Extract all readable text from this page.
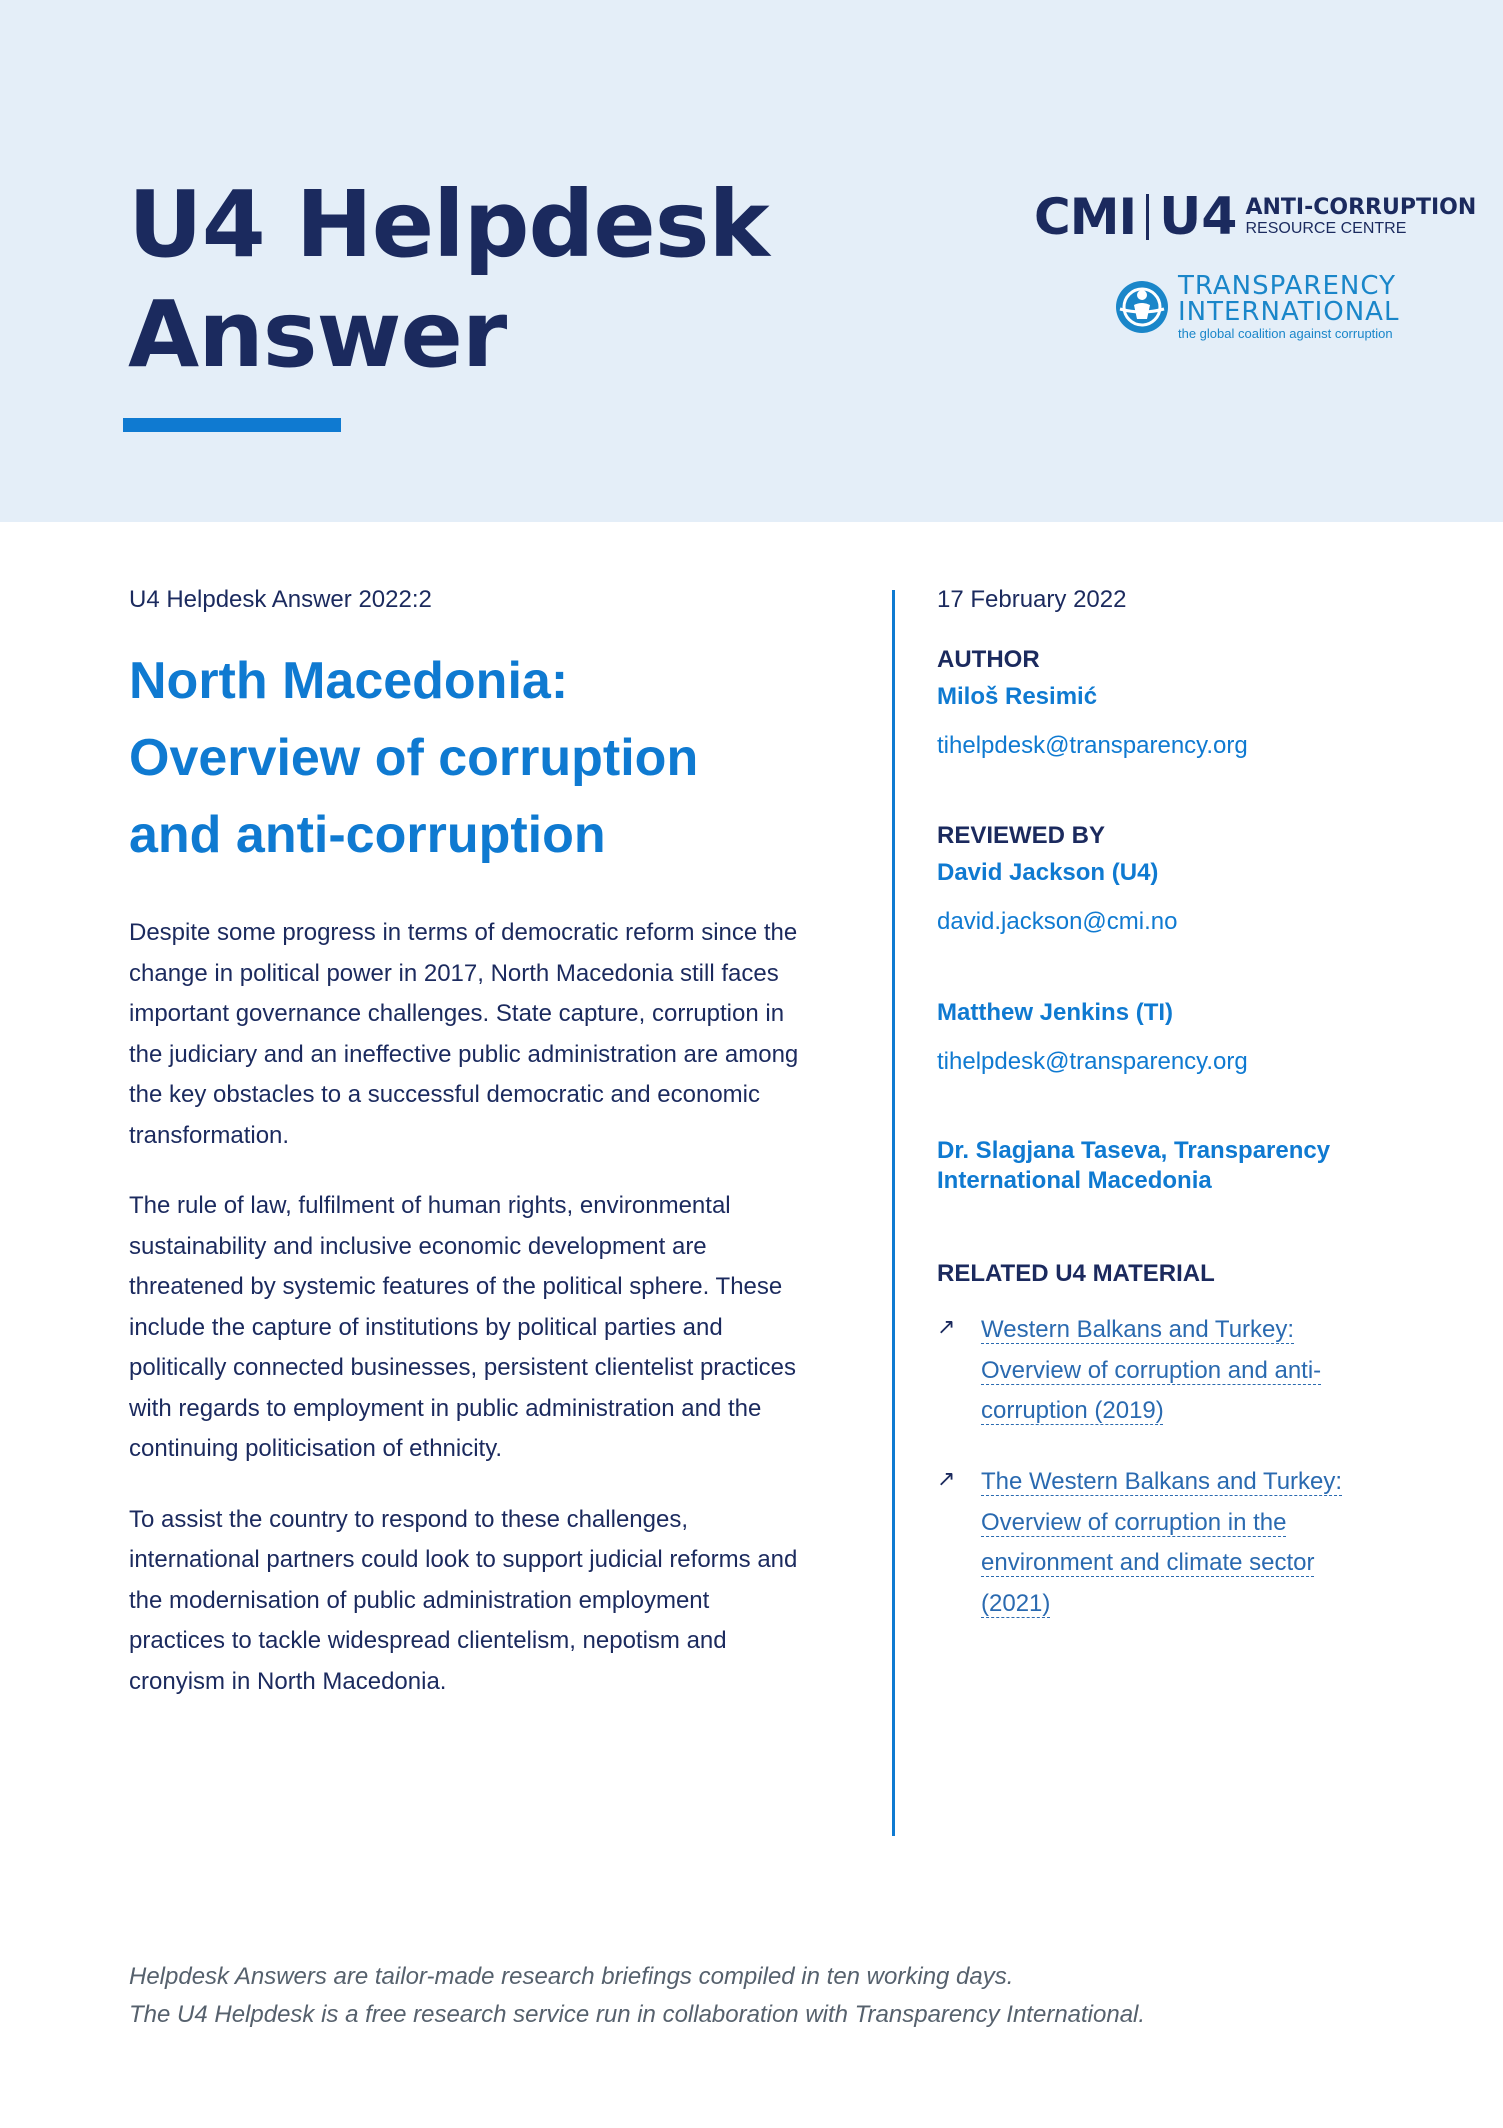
U4 Helpdesk
Answer
CMI U4 ANTI-CORRUPTION
RESOURCE CENTRE
TRANSPARENCY
INTERNATIONAL
the global coalition against corruption
U4 Helpdesk Answer 2022:2
North Macedonia:
Overview of corruption
and anti-corruption

Despite some progress in terms of democratic reform since the change in political power in 2017, North Macedonia still faces important governance challenges. State capture, corruption in the judiciary and an ineffective public administration are among the key obstacles to a successful democratic and economic transformation.

The rule of law, fulfilment of human rights, environmental sustainability and inclusive economic development are threatened by systemic features of the political sphere. These include the capture of institutions by political parties and politically connected businesses, persistent clientelist practices with regards to employment in public administration and the continuing politicisation of ethnicity.

To assist the country to respond to these challenges, international partners could look to support judicial reforms and the modernisation of public administration employment practices to tackle widespread clientelism, nepotism and cronyism in North Macedonia.

17 February 2022
AUTHOR
Miloš Resimić
tihelpdesk@transparency.org
REVIEWED BY
David Jackson (U4)
david.jackson@cmi.no
Matthew Jenkins (TI)
tihelpdesk@transparency.org
Dr. Slagjana Taseva, Transparency International Macedonia
RELATED U4 MATERIAL
↗	Western Balkans and Turkey: Overview of corruption and anti-corruption (2019)
↗	The Western Balkans and Turkey: Overview of corruption in the environment and climate sector (2021)
Helpdesk Answers are tailor-made research briefings compiled in ten working days.
The U4 Helpdesk is a free research service run in collaboration with Transparency International.
